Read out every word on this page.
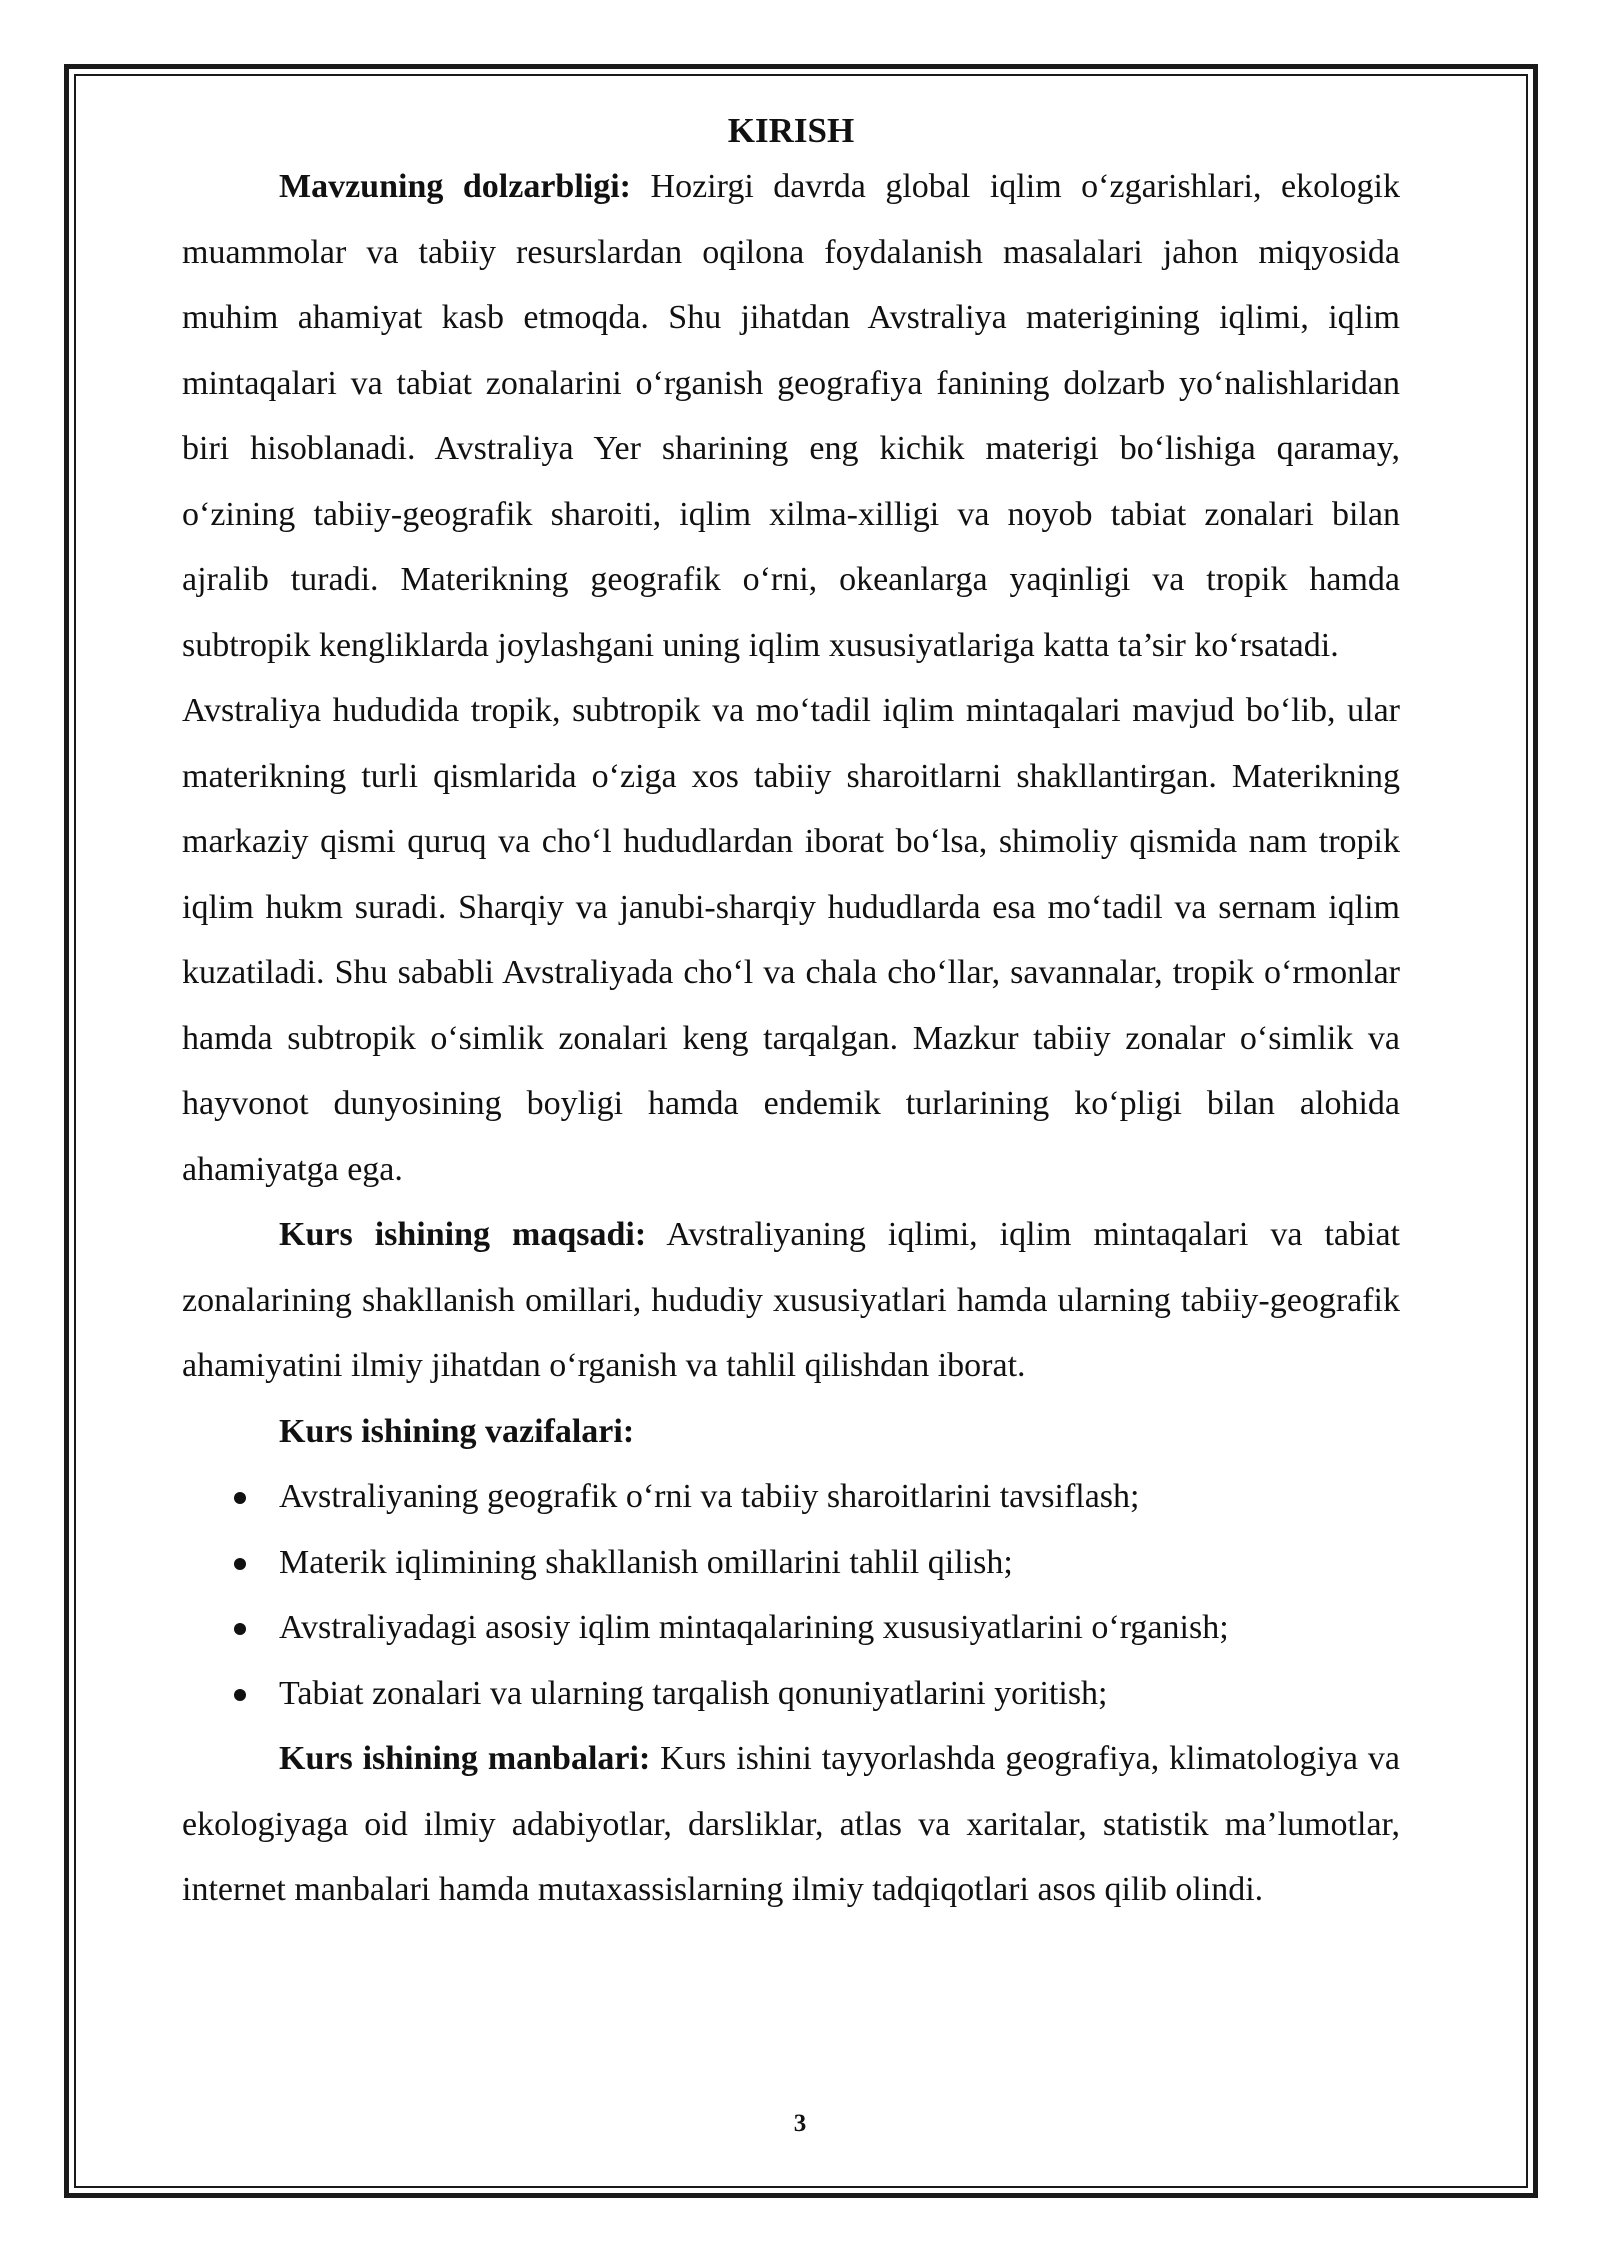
KIRISH

Mavzuning dolzarbligi: Hozirgi davrda global iqlim o‘zgarishlari, ekologik muammolar va tabiiy resurslardan oqilona foydalanish masalalari jahon miqyosida muhim ahamiyat kasb etmoqda. Shu jihatdan Avstraliya materigining iqlimi, iqlim mintaqalari va tabiat zonalarini o‘rganish geografiya fanining dolzarb yo‘nalishlaridan biri hisoblanadi. Avstraliya Yer sharining eng kichik materigi bo‘lishiga qaramay, o‘zining tabiiy-geografik sharoiti, iqlim xilma-xilligi va noyob tabiat zonalari bilan ajralib turadi. Materikning geografik o‘rni, okeanlarga yaqinligi va tropik hamda subtropik kengliklarda joylashgani uning iqlim xususiyatlariga katta ta’sir ko‘rsatadi.

Avstraliya hududida tropik, subtropik va mo‘tadil iqlim mintaqalari mavjud bo‘lib, ular materikning turli qismlarida o‘ziga xos tabiiy sharoitlarni shakllantirgan. Materikning markaziy qismi quruq va cho‘l hududlardan iborat bo‘lsa, shimoliy qismida nam tropik iqlim hukm suradi. Sharqiy va janubi-sharqiy hududlarda esa mo‘tadil va sernam iqlim kuzatiladi. Shu sababli Avstraliyada cho‘l va chala cho‘llar, savannalar, tropik o‘rmonlar hamda subtropik o‘simlik zonalari keng tarqalgan. Mazkur tabiiy zonalar o‘simlik va hayvonot dunyosining boyligi hamda endemik turlarining ko‘pligi bilan alohida ahamiyatga ega.

Kurs ishining maqsadi: Avstraliyaning iqlimi, iqlim mintaqalari va tabiat zonalarining shakllanish omillari, hududiy xususiyatlari hamda ularning tabiiy-geografik ahamiyatini ilmiy jihatdan o‘rganish va tahlil qilishdan iborat.

Kurs ishining vazifalari:

Avstraliyaning geografik o‘rni va tabiiy sharoitlarini tavsiflash;
Materik iqlimining shakllanish omillarini tahlil qilish;
Avstraliyadagi asosiy iqlim mintaqalarining xususiyatlarini o‘rganish;
Tabiat zonalari va ularning tarqalish qonuniyatlarini yoritish;

Kurs ishining manbalari: Kurs ishini tayyorlashda geografiya, klimatologiya va ekologiyaga oid ilmiy adabiyotlar, darsliklar, atlas va xaritalar, statistik ma’lumotlar, internet manbalari hamda mutaxassislarning ilmiy tadqiqotlari asos qilib olindi.

3
